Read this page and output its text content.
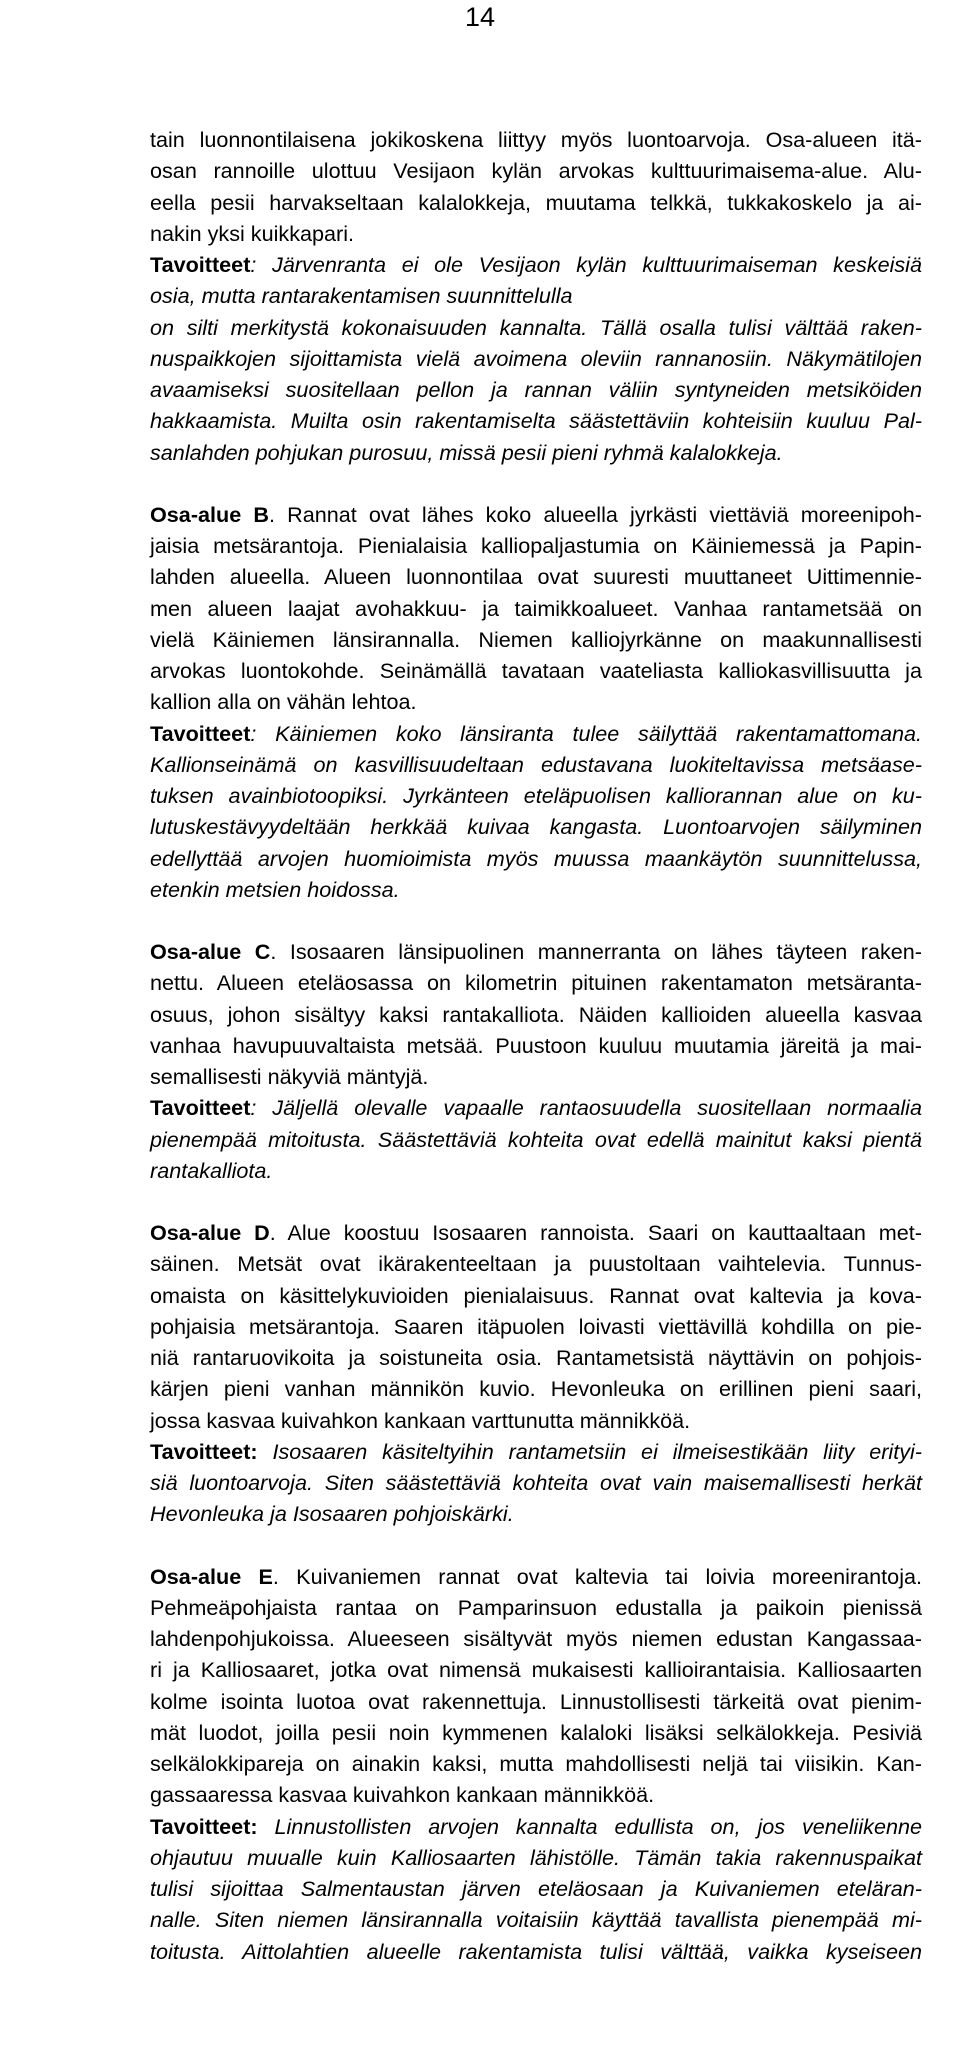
14

tain luonnontilaisena jokikoskena liittyy myös luontoarvoja. Osa-alueen itä-

osan rannoille ulottuu Vesijaon kylän arvokas kulttuurimaisema-alue. Alu-

eella pesii harvakseltaan kalalokkeja, muutama telkkä, tukkakoskelo ja ai-

nakin yksi kuikkapari.

Tavoitteet: Järvenranta ei ole Vesijaon kylän kulttuurimaiseman keskeisiä

osia, mutta rantarakentamisen suunnittelulla

on silti merkitystä kokonaisuuden kannalta. Tällä osalla tulisi välttää raken-

nuspaikkojen sijoittamista vielä avoimena oleviin rannanosiin. Näkymätilojen

avaamiseksi suositellaan pellon ja rannan väliin syntyneiden metsiköiden

hakkaamista. Muilta osin rakentamiselta säästettäviin kohteisiin kuuluu Pal-

sanlahden pohjukan purosuu, missä pesii pieni ryhmä kalalokkeja.

Osa-alue B. Rannat ovat lähes koko alueella jyrkästi viettäviä moreenipoh-

jaisia metsärantoja. Pienialaisia kalliopaljastumia on Käiniemessä ja Papin-

lahden alueella. Alueen luonnontilaa ovat suuresti muuttaneet Uittimennie-

men alueen laajat avohakkuu- ja taimikkoalueet. Vanhaa rantametsää on

vielä Käiniemen länsirannalla. Niemen kalliojyrkänne on maakunnallisesti

arvokas luontokohde. Seinämällä tavataan vaateliasta kalliokasvillisuutta ja

kallion alla on vähän lehtoa.

Tavoitteet: Käiniemen koko länsiranta tulee säilyttää rakentamattomana.

Kallionseinämä on kasvillisuudeltaan edustavana luokiteltavissa metsäase-

tuksen avainbiotoopiksi. Jyrkänteen eteläpuolisen kalliorannan alue on ku-

lutuskestävyydeltään herkkää kuivaa kangasta. Luontoarvojen säilyminen

edellyttää arvojen huomioimista myös muussa maankäytön suunnittelussa,

etenkin metsien hoidossa.

Osa-alue C. Isosaaren länsipuolinen mannerranta on lähes täyteen raken-

nettu. Alueen eteläosassa on kilometrin pituinen rakentamaton metsäranta-

osuus, johon sisältyy kaksi rantakalliota. Näiden kallioiden alueella kasvaa

vanhaa havupuuvaltaista metsää. Puustoon kuuluu muutamia järeitä ja mai-

semallisesti näkyviä mäntyjä.

Tavoitteet: Jäljellä olevalle vapaalle rantaosuudella suositellaan normaalia

pienempää mitoitusta. Säästettäviä kohteita ovat edellä mainitut kaksi pientä

rantakalliota.

Osa-alue D. Alue koostuu Isosaaren rannoista. Saari on kauttaaltaan met-

säinen. Metsät ovat ikärakenteeltaan ja puustoltaan vaihtelevia. Tunnus-

omaista on käsittelykuvioiden pienialaisuus. Rannat ovat kaltevia ja kova-

pohjaisia metsärantoja. Saaren itäpuolen loivasti viettävillä kohdilla on pie-

niä rantaruovikoita ja soistuneita osia. Rantametsistä näyttävin on pohjois-

kärjen pieni vanhan männikön kuvio. Hevonleuka on erillinen pieni saari,

jossa kasvaa kuivahkon kankaan varttunutta männikköä.

Tavoitteet: Isosaaren käsiteltyihin rantametsiin ei ilmeisestikään liity erityi-

siä luontoarvoja. Siten säästettäviä kohteita ovat vain maisemallisesti herkät

Hevonleuka ja Isosaaren pohjoiskärki.

Osa-alue E. Kuivaniemen rannat ovat kaltevia tai loivia moreenirantoja.

Pehmeäpohjaista rantaa on Pamparinsuon edustalla ja paikoin pienissä

lahdenpohjukoissa. Alueeseen sisältyvät myös niemen edustan Kangassaa-

ri ja Kalliosaaret, jotka ovat nimensä mukaisesti kallioirantaisia. Kalliosaarten

kolme isointa luotoa ovat rakennettuja. Linnustollisesti tärkeitä ovat pienim-

mät luodot, joilla pesii noin kymmenen kalaloki lisäksi selkälokkeja. Pesiviä

selkälokkipareja on ainakin kaksi, mutta mahdollisesti neljä tai viisikin. Kan-

gassaaressa kasvaa kuivahkon kankaan männikköä.

Tavoitteet: Linnustollisten arvojen kannalta edullista on, jos veneliikenne

ohjautuu muualle kuin Kalliosaarten lähistölle. Tämän takia rakennuspaikat

tulisi sijoittaa Salmentaustan järven eteläosaan ja Kuivaniemen eteläran-

nalle. Siten niemen länsirannalla voitaisiin käyttää tavallista pienempää mi-

toitusta. Aittolahtien alueelle rakentamista tulisi välttää, vaikka kyseiseen
